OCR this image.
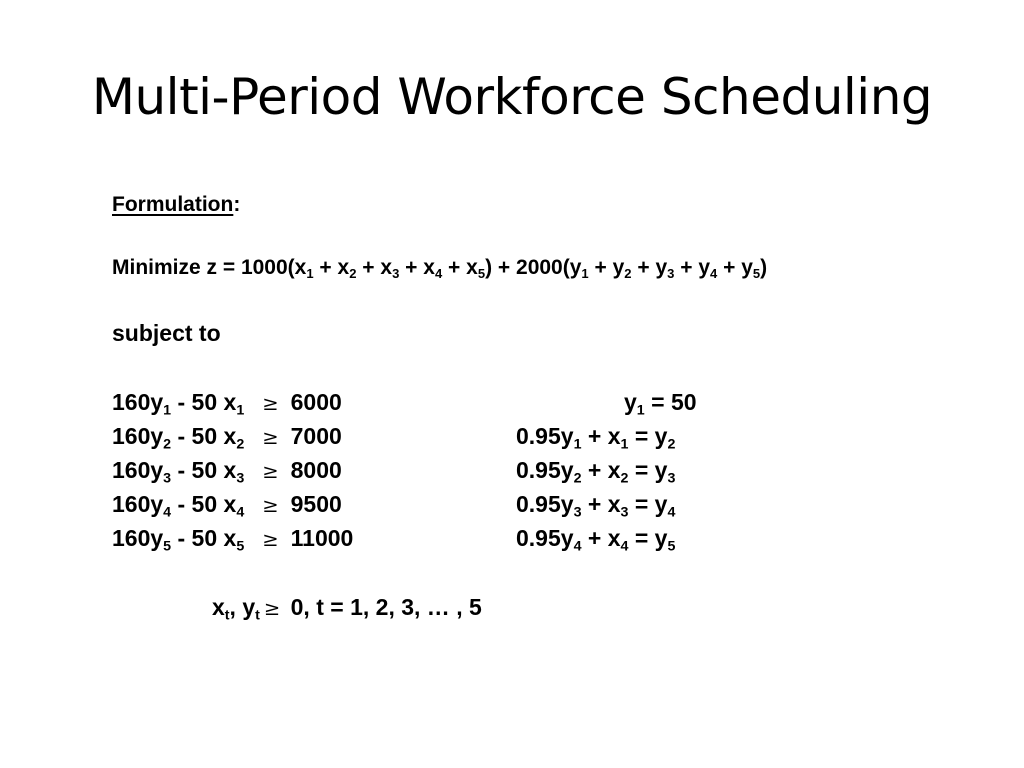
Multi-Period Workforce Scheduling
Formulation:
Minimize $z = 1000(x_1 + x_2 + x_3 + x_4 + x_5) + 2000(y_1 + y_2 + y_3 + y_4 + y_5)$
subject to
$160y_1 - 50$ $x_1 \ge 6000$
$160y_2 - 50$ $x_2 \ge 7000$
$160y_3 - 50$ $x_3 \ge 8000$
$160y_4 - 50$ $x_4 \ge 9500$
$160y_5 - 50$ $x_5 \ge 11000$
$y_1 = 50$
$0.95y_1 + x_1 = y_2$
$0.95y_2 + x_2 = y_3$
$0.95y_3 + x_3 = y_4$
$0.95y_4 + x_4 = y_5$
$x_t$, $y_t \ge 0$, t = 1, 2, 3, … , 5
